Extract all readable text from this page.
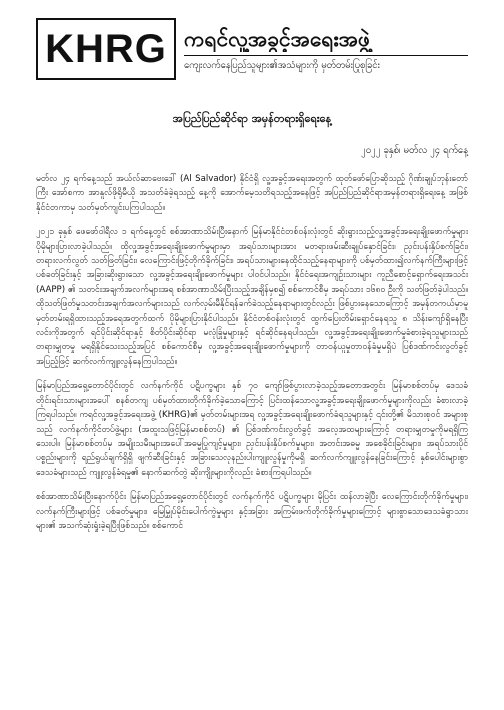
KHRG ကရင်လူ့အခွင့်အရေးအဖွဲ့
ကျေးလက်နေပြည်သူများ၏အသံများကို မှတ်တမ်းပြုစုခြင်း
အပြည်ပြည်ဆိုင်ရာ အမှန်တရားရှိရေးနေ့
၂၀၂၂ ခုနှစ်၊ မတ်လ ၂၄ ရက်နေ့

မတ်လ ၂၄ ရက်နေ့သည် အယ်လ်ဆာဗေးဒေါ် (Al Salvador) နိုင်ငံရှိ လူ့အခွင့်အရေးအတွက် ထုတ်ဖော်ပြောဆိုသည့် ဂိုဏ်းချုပ်ဘုန်းတော်ကြီး အော်စကာ အာနူလ်ဖိုရိုမီယို အသတ်ခံခဲ့ရသည့် နေ့ကို အောက်မေ့သတိရသည့်အနေဖြင့် အပြည်ပြည်ဆိုင်ရာအမှန်တရားရှိရေးနေ့ အဖြစ်နိုင်ငံတကာမှ သတ်မှတ်ကျင်းပကြပါသည်။

၂၀၂၁ ခုနှစ် ဖေဖော်ဝါရီလ ၁ ရက်နေ့တွင် စစ်အာဏာသိမ်းပြီးနောက် မြန်မာနိုင်ငံတစ်ဝန်းလုံးတွင် ဆိုးရွားသည့်လူ့အခွင့်အရေးချိုးဖောက်မှုများ ပိုမိုများပြားလာခဲ့ပါသည်။ ထိုလူ့အခွင့်အရေးချိုးဖောက်မှုများမှာ အရပ်သားများအား မတရားဖမ်းဆီးချုပ်နှောင်ခြင်း၊ ညှင်းပန်းနှိပ်စက်ခြင်း၊ တရားလက်လွတ် သတ်ဖြတ်ခြင်း၊ လေကြောင်းဖြင့်တိုက်ခိုက်ခြင်း၊ အရပ်သားများနေထိုင်သည့်နေရာများကို ပစ်မှတ်ထား၍လက်နက်ကြီးများဖြင့်ပစ်ခတ်ခြင်းနှင့် အခြားဆိုးရွားသော လူ့အခွင့်အရေးချိုးဖောက်မှုများ ပါဝင်ပါသည်။ နိုင်ငံရေးအကျဉ်းသားများ ကူညီစောင့်ရှောက်ရေးအသင်း (AAPP) ၏ သတင်းအချက်အလက်များအရ စစ်အာဏာသိမ်းပြီးသည့်အချိန်မှစ၍ စစ်ကောင်စီမှ အရပ်သား ၁၆၈၀ ဦးကို သတ်ဖြတ်ခဲ့ပါသည်။ ထိုသတ်ဖြတ်မှုသတင်းအချက်အလက်များသည် လက်လှမ်းမီနိုင်ရန်ခက်ခဲသည့်နေရာများတွင်လည်း ဖြစ်ပွားနေသောကြောင့် အမှန်တကယ်မှာမူ မှတ်တမ်းရရှိထားသည့်အရေအတွက်ထက် ပိုမိုများပြားနိုင်ပါသည်။ နိုင်ငံတစ်ဝန်းလုံးတွင် ထွက်ပြေးတိမ်းရှောင်နေရသူ ၈ သိန်းကျော်ရှိနေပြီးလင်းကိုအတွက် ရင်ပိုင်းဆိုင်ရာနှင့် စိတ်ပိုင်းဆိုင်ရာ မလုံခြုံမှုများနှင့် ရင်ဆိုင်နေရပါသည်။ လူ့အခွင့်အရေးချိုးဖောက်မှုခံစားခဲ့ရသူများသည် တရားမျှတမှု မရရှိနိုင်သေးသည့်အပြင် စစ်ကောင်စီမှ လူ့အခွင့်အရေးချိုးဖောက်မှုများကို တာဝန်ယူမှုတာဝန်ခံမှုမရှိပဲ ပြစ်ဒဏ်ကင်းလွတ်ခွင့်အပြည့်ဖြင့် ဆက်လက်ကျူးလွန်နေကြပါသည်။

မြန်မာပြည်အရှေ့တောင်ပိုင်းတွင် လက်နက်ကိုင် ပဋိပက္ခများ နှစ် ၇၀ ကျော်ဖြစ်ပွားလာခဲ့သည့်အတောအတွင်း မြန်မာစစ်တပ်မှ ဒေသခံတိုင်းရင်းသားများအပေါ် စနစ်တကျ ပစ်မှတ်ထားတိုက်ခိုက်ခဲ့သောကြောင့် ပြင်းထန်သောလူ့အခွင့်အရေးချိုးဖောက်မှုများကိုလည်း ခံစားလာခဲ့ကြရပါသည်။ ကရင်လူ့အခွင့်အရေးအဖွဲ့ (KHRG)၏ မှတ်တမ်းများအရ လူ့အခွင့်အရေးချိုးဖောက်ခံရသူများနှင့် ၎င်းတို့၏ မိသားစုဝင် အများစုသည် လက်နက်ကိုင်တပ်ဖွဲ့များ (အထူးသဖြင့်မြန်မာစစ်တပ်) ၏ ပြစ်ဒဏ်ကင်းလွတ်ခွင့် အလေ့အထများကြောင့် တရားမျှတမှုကိုမရရှိကြသေးပါ။ မြန်မာစစ်တပ်မှ အမျိုးသမီးများအပေါ်အဓမ္မပြုကျင့်မှုများ၊ ညှင်းပန်းနှိပ်စက်မှုများ၊ အတင်းအဓမ္မ အစေခိုင်းခြင်းများ၊ အရပ်သားပိုင်ပစ္စည်းများကို ရည်ရွယ်ချက်ရှိရှိ ဖျက်ဆီးခြင်းနှင့် အခြားသေလုနည်းပါးကျူးလွန်မှုကိုမရှိ ဆက်လက်ကျူးလွန်နေခြင်းကြောင့် နှစ်ပေါင်းများစွာ ဒေသခံများသည် ကျူးလွန်ခံရမှု၏ နောက်ဆက်တွဲ ဆိုးကျိုးများကိုလည်း ခံစားကြရပါသည်။

စစ်အာဏာသိမ်းပြီးနောက်ပိုင်း မြန်မာပြည်အရှေ့တောင်ပိုင်းတွင် လက်နက်ကိုင် ပဋိပက္ခများ မိုပြင်း ထန်လာခဲ့ပြီး လေကြောင်းတိုက်ခိုက်မှုများ၊ လက်နက်ကြီးများဖြင့် ပစ်ခတ်မှုများ၊ မြေမြှုပ်မိုင်းပေါက်ကွဲမှုများ နှင့်အခြား အကြမ်းဖက်တိုက်ခိုက်မှုများကြောင့် များစွာသောဒေသခံရွာသားများ၏ အသက်ဆုံးရှုံးခဲ့ရပြီးဖြစ်သည်။ စစ်ကောင်
